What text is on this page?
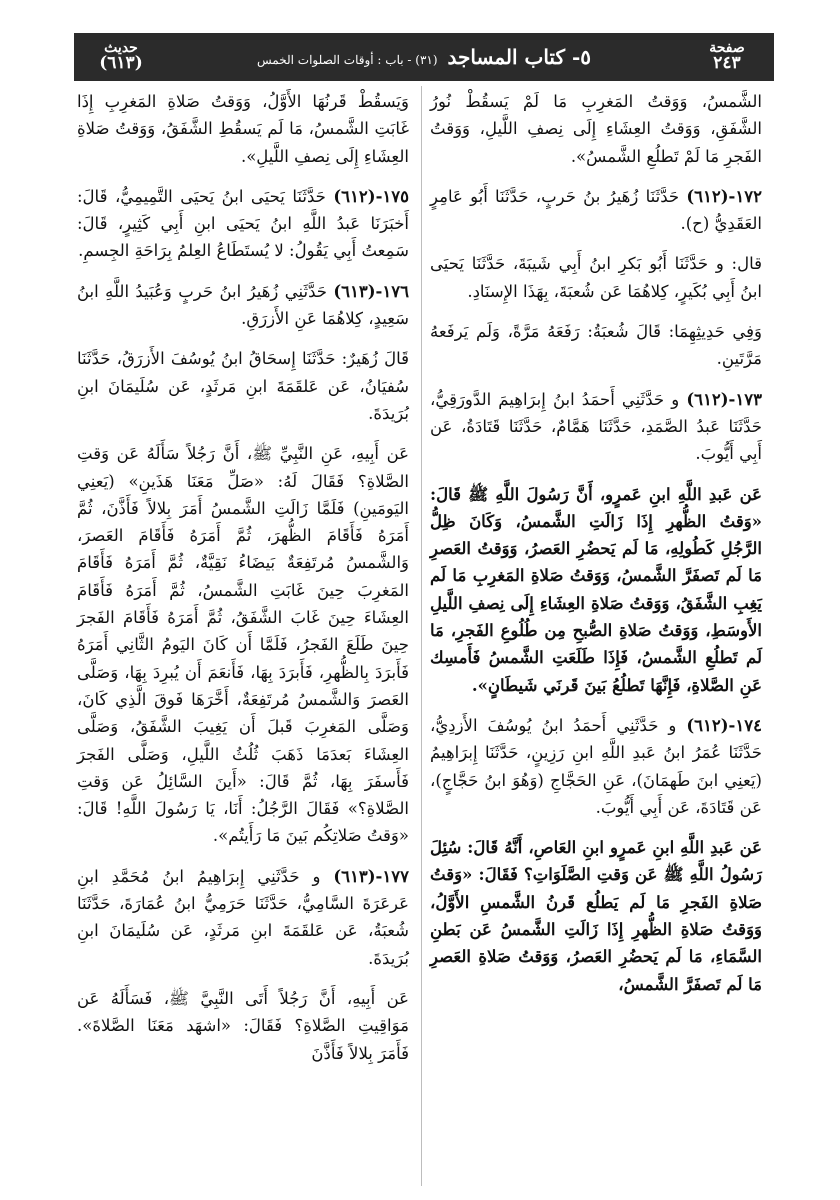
حديث
(٦١٣)	٥- كتاب المساجد
(٣١) - باب : أوقات الصلوات الخمس
صفحة
٢٤٣

الشَّمسُ، وَوَقتُ المَغرِبِ مَا لَمْ يَسقُطْ نُورُ الشَّفَقِ، وَوَقتُ العِشَاءِ إِلَى نِصفِ اللَّيلِ، وَوَقتُ الفَجرِ مَا لَمْ تَطلُعِ الشَّمسُ».

١٧٢-(٦١٢) حَدَّثَنَا زُهَيرُ بنُ حَربٍ، حَدَّثَنَا أَبُو عَامِرٍ العَقَدِيُّ (ح).

قال: و حَدَّثَنَا أَبُو بَكرِ ابنُ أَبِي شَيبَةَ، حَدَّثَنَا يَحيَى ابنُ أَبِي بُكَيرٍ، كِلاهُمَا عَن شُعبَةَ، بِهَذَا الإِسنَادِ.

وَفِي حَدِيثِهِمَا: قَالَ شُعبَةُ: رَفَعَهُ مَرَّةً، وَلَم يَرفَعهُ مَرَّتَينِ.

١٧٣-(٦١٢) و حَدَّثَنِي أَحمَدُ ابنُ إِبرَاهِيمَ الدَّورَقِيُّ، حَدَّثَنَا عَبدُ الصَّمَدِ، حَدَّثَنَا هَمَّامٌ، حَدَّثَنَا قَتَادَةُ، عَن أَبِي أَيُّوبَ.

عَن عَبدِ اللَّهِ ابنِ عَمرٍو، أَنَّ رَسُولَ اللَّهِ ﷺ قَالَ: «وَقتُ الظُّهرِ إِذَا زَالَتِ الشَّمسُ، وَكَانَ ظِلُّ الرَّجُلِ كَطُولِهِ، مَا لَم يَحضُرِ العَصرُ، وَوَقتُ العَصرِ مَا لَم تَصفَرَّ الشَّمسُ، وَوَقتُ صَلاةِ المَغرِبِ مَا لَم يَغِبِ الشَّفَقُ، وَوَقتُ صَلاةِ العِشَاءِ إِلَى نِصفِ اللَّيلِ الأَوسَطِ، وَوَقتُ صَلاةِ الصُّبحِ مِن طُلُوعِ الفَجرِ، مَا لَم تَطلُعِ الشَّمسُ، فَإِذَا طَلَعَتِ الشَّمسُ فَأَمسِك عَنِ الصَّلاةِ، فَإِنَّهَا تَطلُعُ بَينَ قَرنَي شَيطَانٍ».

١٧٤-(٦١٢) و حَدَّثَنِي أَحمَدُ ابنُ يُوسُفَ الأَزدِيُّ، حَدَّثَنَا عُمَرُ ابنُ عَبدِ اللَّهِ ابنِ رَزِينٍ، حَدَّثَنَا إِبرَاهِيمُ (يَعنِي ابنَ طَهمَانَ)، عَنِ الحَجَّاجِ (وَهُوَ ابنُ حَجَّاجٍ)، عَن قَتَادَةَ، عَن أَبِي أَيُّوبَ.

عَن عَبدِ اللَّهِ ابنِ عَمرٍو ابنِ العَاصِ، أَنَّهُ قَالَ: سُئِلَ رَسُولُ اللَّهِ ﷺ عَن وَقتِ الصَّلَوَاتِ؟ فَقَالَ: «وَقتُ صَلاةِ الفَجرِ مَا لَم يَطلُع قَرنُ الشَّمسِ الأَوَّلُ، وَوَقتُ صَلاةِ الظُّهرِ إِذَا زَالَتِ الشَّمسُ عَن بَطنِ السَّمَاءِ، مَا لَم يَحضُرِ العَصرُ، وَوَقتُ صَلاةِ العَصرِ مَا لَم تَصفَرَّ الشَّمسُ،

وَيَسقُطْ قَرنُهَا الأَوَّلُ، وَوَقتُ صَلاةِ المَغرِبِ إِذَا غَابَتِ الشَّمسُ، مَا لَم يَسقُطِ الشَّفَقُ، وَوَقتُ صَلاةِ العِشَاءِ إِلَى نِصفِ اللَّيلِ».

١٧٥-(٦١٢) حَدَّثَنَا يَحيَى ابنُ يَحيَى التَّمِيمِيُّ، قَالَ: أَخبَرَنَا عَبدُ اللَّهِ ابنُ يَحيَى ابنِ أَبِي كَثِيرٍ، قَالَ: سَمِعتُ أَبِي يَقُولُ: لا يُستَطَاعُ العِلمُ بِرَاحَةِ الجِسمِ.

١٧٦-(٦١٣) حَدَّثَنِي زُهَيرُ ابنُ حَربٍ وَعُبَيدُ اللَّهِ ابنُ سَعِيدٍ، كِلاهُمَا عَنِ الأَزرَقِ.

قَالَ زُهَيرٌ: حَدَّثَنَا إِسحَاقُ ابنُ يُوسُفَ الأَزرَقُ، حَدَّثَنَا سُفيَانُ، عَن عَلقَمَةَ ابنِ مَرثَدٍ، عَن سُلَيمَانَ ابنِ بُرَيدَةَ.

عَن أَبِيهِ، عَنِ النَّبِيِّ ﷺ، أَنَّ رَجُلاً سَأَلَهُ عَن وَقتِ الصَّلاةِ؟ فَقَالَ لَهُ: «صَلِّ مَعَنَا هَذَينِ» (يَعنِي اليَومَينِ) فَلَمَّا زَالَتِ الشَّمسُ أَمَرَ بِلالاً فَأَذَّنَ، ثُمَّ أَمَرَهُ فَأَقَامَ الظُّهرَ، ثُمَّ أَمَرَهُ فَأَقَامَ العَصرَ، وَالشَّمسُ مُرتَفِعَةٌ بَيضَاءُ نَقِيَّةٌ، ثُمَّ أَمَرَهُ فَأَقَامَ المَغرِبَ حِينَ غَابَتِ الشَّمسُ، ثُمَّ أَمَرَهُ فَأَقَامَ العِشَاءَ حِينَ غَابَ الشَّفَقُ، ثُمَّ أَمَرَهُ فَأَقَامَ الفَجرَ حِينَ طَلَعَ الفَجرُ، فَلَمَّا أَن كَانَ اليَومُ الثَّانِي أَمَرَهُ فَأَبرَدَ بِالظُّهرِ، فَأَبرَدَ بِهَا، فَأَنعَمَ أَن يُبرِدَ بِهَا، وَصَلَّى العَصرَ وَالشَّمسُ مُرتَفِعَةٌ، أَخَّرَهَا فَوقَ الَّذِي كَانَ، وَصَلَّى المَغرِبَ قَبلَ أَن يَغِيبَ الشَّفَقُ، وَصَلَّى العِشَاءَ بَعدَمَا ذَهَبَ ثُلُثُ اللَّيلِ، وَصَلَّى الفَجرَ فَأَسفَرَ بِهَا، ثُمَّ قَالَ: «أَينَ السَّائِلُ عَن وَقتِ الصَّلاةِ؟» فَقَالَ الرَّجُلُ: أَنَا، يَا رَسُولَ اللَّهِ! قَالَ: «وَقتُ صَلاتِكُم بَينَ مَا رَأَيتُم».

١٧٧-(٦١٣) و حَدَّثَنِي إِبرَاهِيمُ ابنُ مُحَمَّدِ ابنِ عَرعَرَةَ السَّامِيُّ، حَدَّثَنَا حَرَمِيُّ ابنُ عُمَارَةَ، حَدَّثَنَا شُعبَةُ، عَن عَلقَمَةَ ابنِ مَرثَدٍ، عَن سُلَيمَانَ ابنِ بُرَيدَةَ.

عَن أَبِيهِ، أَنَّ رَجُلاً أَتَى النَّبِيَّ ﷺ، فَسَأَلَهُ عَن مَوَاقِيتِ الصَّلاةِ؟ فَقَالَ: «اشهَد مَعَنَا الصَّلاةَ». فَأَمَرَ بِلالاً فَأَذَّنَ
